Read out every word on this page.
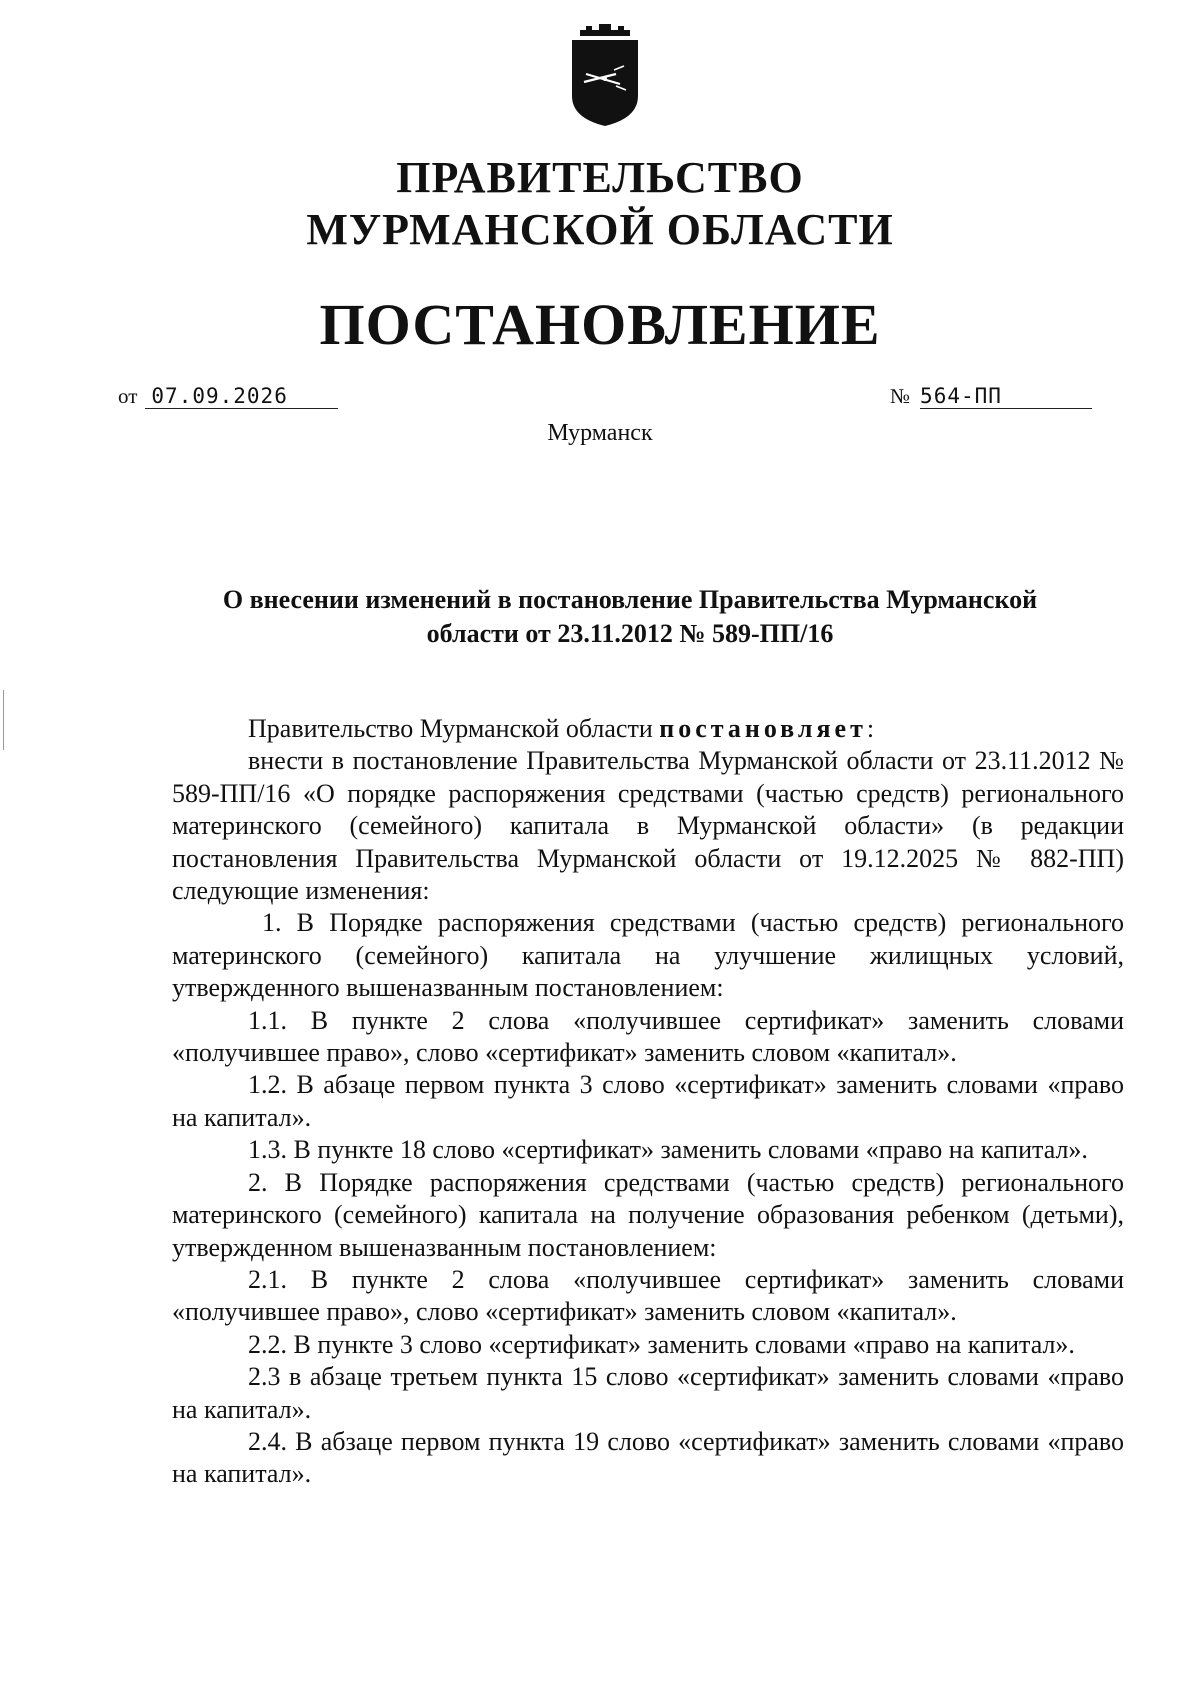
ПРАВИТЕЛЬСТВО
МУРМАНСКОЙ ОБЛАСТИ
ПОСТАНОВЛЕНИЕ
от 07.09.2026	№ 564-ПП
Мурманск
О внесении изменений в постановление Правительства Мурманской
области от 23.11.2012 № 589-ПП/16

Правительство Мурманской области постановляет:

внести в постановление Правительства Мурманской области от 23.11.2012 № 589-ПП/16 «О порядке распоряжения средствами (частью средств) регионального материнского (семейного) капитала в Мурманской области» (в редакции постановления Правительства Мурманской области от 19.12.2025 № 882-ПП) следующие изменения:

1. В Порядке распоряжения средствами (частью средств) регионального материнского (семейного) капитала на улучшение жилищных условий, утвержденного вышеназванным постановлением:

1.1. В пункте 2 слова «получившее сертификат» заменить словами «получившее право», слово «сертификат» заменить словом «капитал».

1.2. В абзаце первом пункта 3 слово «сертификат» заменить словами «право на капитал».

1.3. В пункте 18 слово «сертификат» заменить словами «право на капитал».

2. В Порядке распоряжения средствами (частью средств) регионального материнского (семейного) капитала на получение образования ребенком (детьми), утвержденном вышеназванным постановлением:

2.1. В пункте 2 слова «получившее сертификат» заменить словами «получившее право», слово «сертификат» заменить словом «капитал».

2.2. В пункте 3 слово «сертификат» заменить словами «право на капитал».

2.3 в абзаце третьем пункта 15 слово «сертификат» заменить словами «право на капитал».

2.4. В абзаце первом пункта 19 слово «сертификат» заменить словами «право на капитал».
